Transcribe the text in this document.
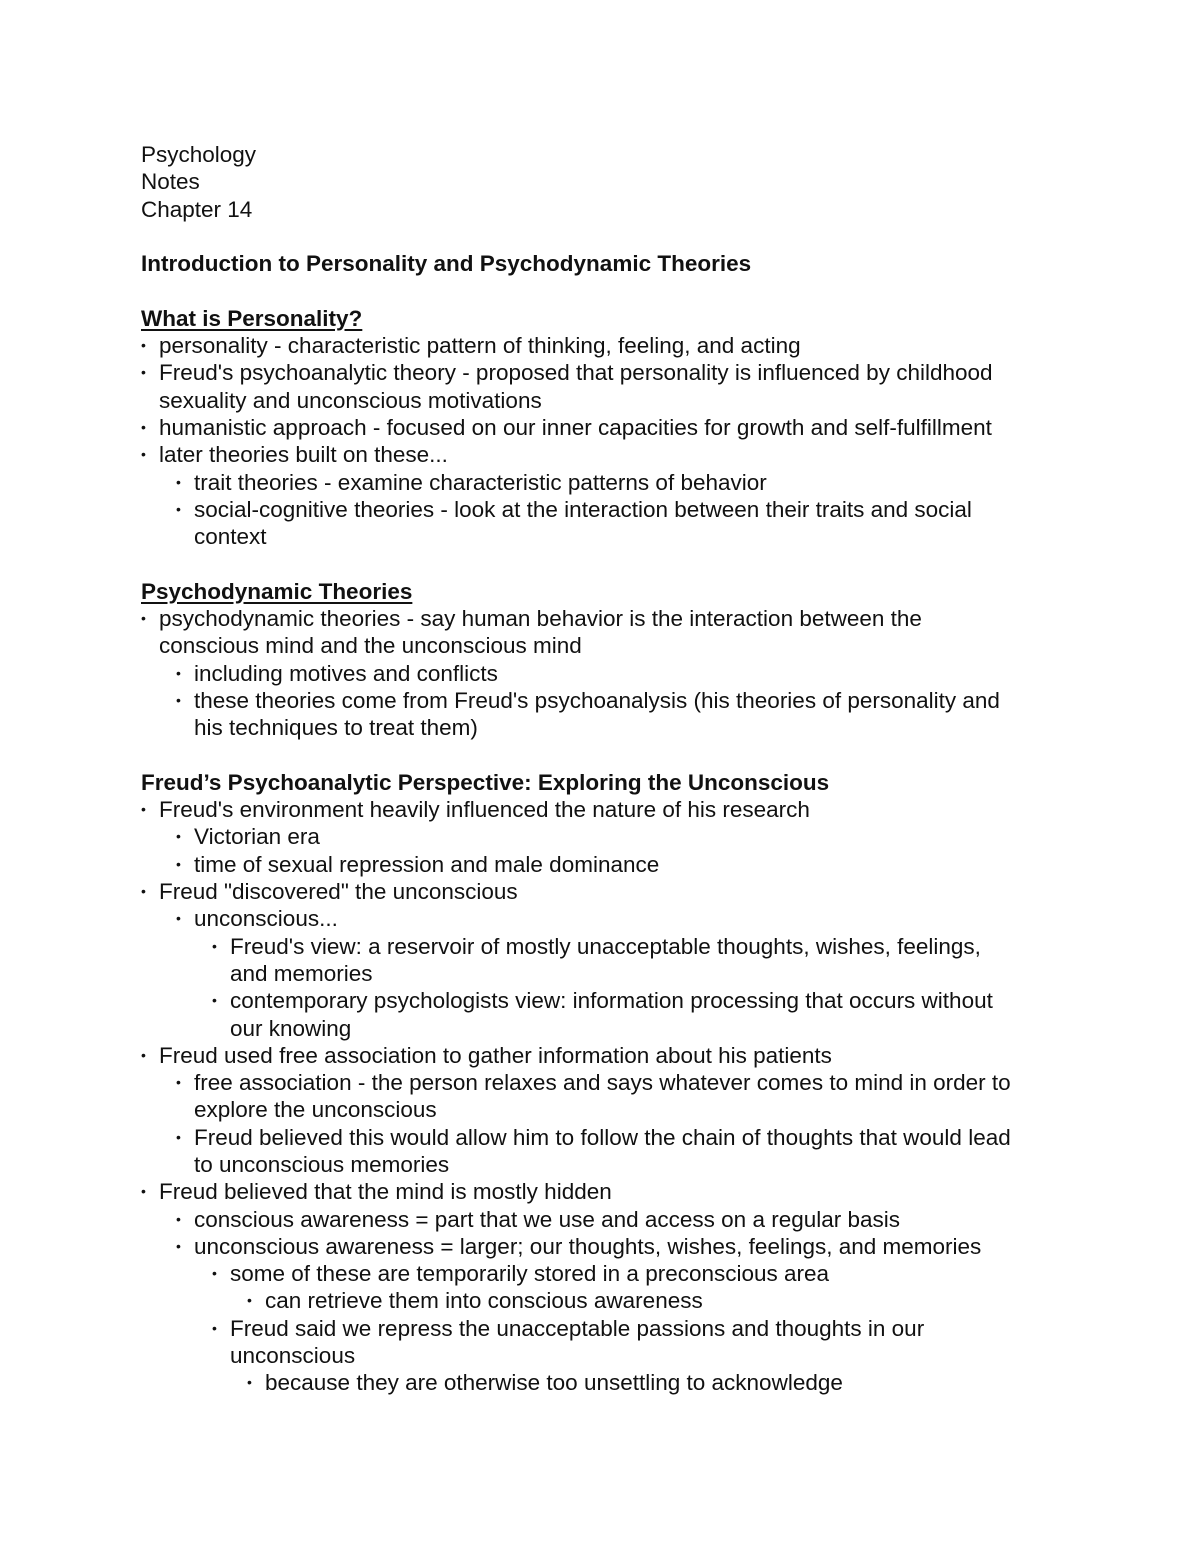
Psychology

Notes

Chapter 14

Introduction to Personality and Psychodynamic Theories

What is Personality?

• personality - characteristic pattern of thinking, feeling, and acting
• Freud's psychoanalytic theory - proposed that personality is influenced by childhood
sexuality and unconscious motivations
• humanistic approach - focused on our inner capacities for growth and self-fulfillment
• later theories built on these...
• trait theories - examine characteristic patterns of behavior
• social-cognitive theories - look at the interaction between their traits and social
context

Psychodynamic Theories

• psychodynamic theories - say human behavior is the interaction between the
conscious mind and the unconscious mind
• including motives and conflicts
• these theories come from Freud's psychoanalysis (his theories of personality and
his techniques to treat them)

Freud’s Psychoanalytic Perspective: Exploring the Unconscious

• Freud's environment heavily influenced the nature of his research
• Victorian era
• time of sexual repression and male dominance
• Freud "discovered" the unconscious
• unconscious...
• Freud's view: a reservoir of mostly unacceptable thoughts, wishes, feelings,
and memories
• contemporary psychologists view: information processing that occurs without
our knowing
• Freud used free association to gather information about his patients
• free association - the person relaxes and says whatever comes to mind in order to
explore the unconscious
• Freud believed this would allow him to follow the chain of thoughts that would lead
to unconscious memories
• Freud believed that the mind is mostly hidden
• conscious awareness = part that we use and access on a regular basis
• unconscious awareness = larger; our thoughts, wishes, feelings, and memories
• some of these are temporarily stored in a preconscious area
• can retrieve them into conscious awareness
• Freud said we repress the unacceptable passions and thoughts in our
unconscious
• because they are otherwise too unsettling to acknowledge
